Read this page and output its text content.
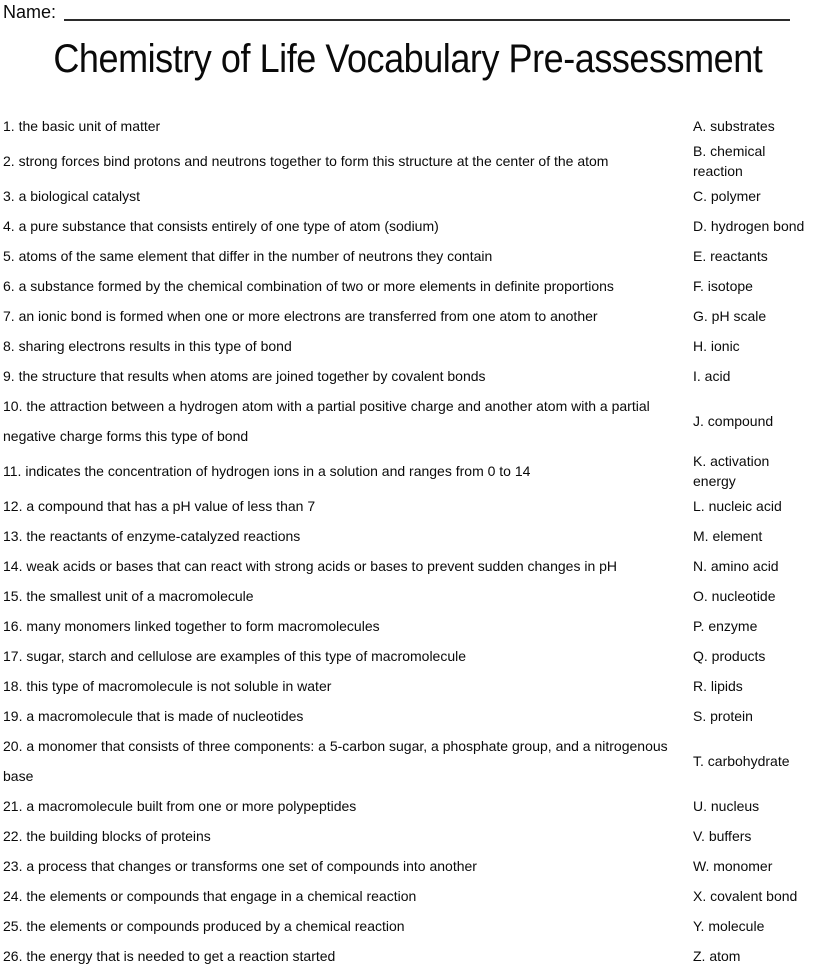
Name:
Chemistry of Life Vocabulary Pre-assessment
1. the basic unit of matter	A. substrates
2. strong forces bind protons and neutrons together to form this structure at the center of the atom	B. chemical reaction
3. a biological catalyst	C. polymer
4. a pure substance that consists entirely of one type of atom (sodium)	D. hydrogen bond
5. atoms of the same element that differ in the number of neutrons they contain	E. reactants
6. a substance formed by the chemical combination of two or more elements in definite proportions	F. isotope
7. an ionic bond is formed when one or more electrons are transferred from one atom to another	G. pH scale
8. sharing electrons results in this type of bond	H. ionic
9. the structure that results when atoms are joined together by covalent bonds	I. acid
10. the attraction between a hydrogen atom with a partial positive charge and another atom with a partial negative charge forms this type of bond	J. compound
11. indicates the concentration of hydrogen ions in a solution and ranges from 0 to 14	K. activation energy
12. a compound that has a pH value of less than 7	L. nucleic acid
13. the reactants of enzyme-catalyzed reactions	M. element
14. weak acids or bases that can react with strong acids or bases to prevent sudden changes in pH	N. amino acid
15. the smallest unit of a macromolecule	O. nucleotide
16. many monomers linked together to form macromolecules	P. enzyme
17. sugar, starch and cellulose are examples of this type of macromolecule	Q. products
18. this type of macromolecule is not soluble in water	R. lipids
19. a macromolecule that is made of nucleotides	S. protein
20. a monomer that consists of three components: a 5-carbon sugar, a phosphate group, and a nitrogenous base	T. carbohydrate
21. a macromolecule built from one or more polypeptides	U. nucleus
22. the building blocks of proteins	V. buffers
23. a process that changes or transforms one set of compounds into another	W. monomer
24. the elements or compounds that engage in a chemical reaction	X. covalent bond
25. the elements or compounds produced by a chemical reaction	Y. molecule
26. the energy that is needed to get a reaction started	Z. atom
